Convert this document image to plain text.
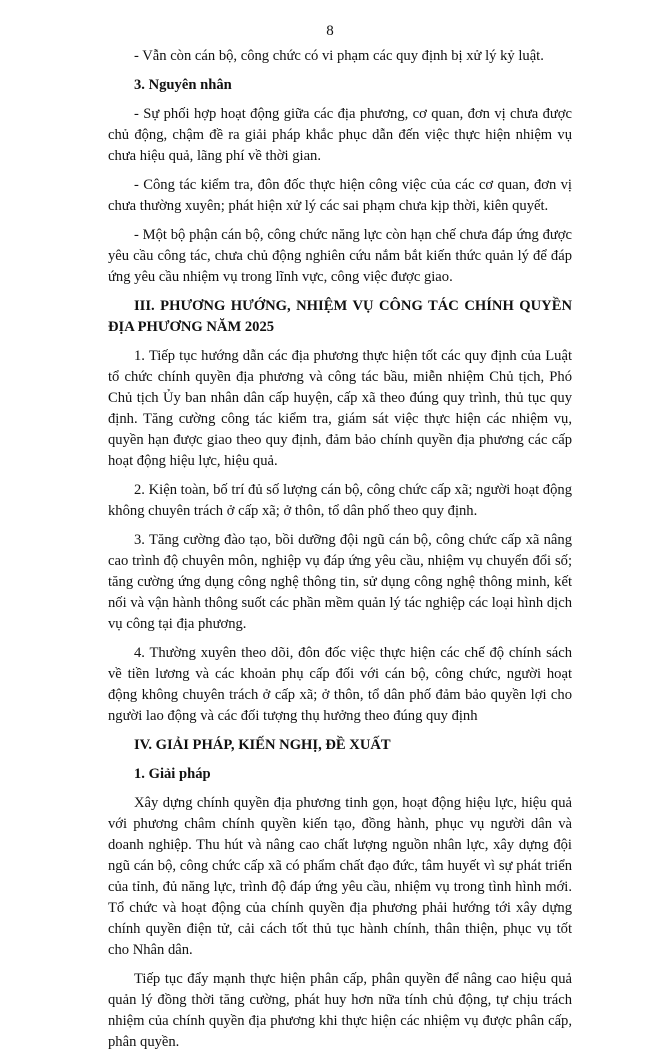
8

- Vẫn còn cán bộ, công chức có vi phạm các quy định bị xử lý kỷ luật.

3. Nguyên nhân

- Sự phối hợp hoạt động giữa các địa phương, cơ quan, đơn vị chưa được chủ động, chậm đề ra giải pháp khắc phục dẫn đến việc thực hiện nhiệm vụ chưa hiệu quả, lãng phí về thời gian.

- Công tác kiểm tra, đôn đốc thực hiện công việc của các cơ quan, đơn vị chưa thường xuyên; phát hiện xử lý các sai phạm chưa kịp thời, kiên quyết.

- Một bộ phận cán bộ, công chức năng lực còn hạn chế chưa đáp ứng được yêu cầu công tác, chưa chủ động nghiên cứu nắm bắt kiến thức quản lý để đáp ứng yêu cầu nhiệm vụ trong lĩnh vực, công việc được giao.

III. PHƯƠNG HƯỚNG, NHIỆM VỤ CÔNG TÁC CHÍNH QUYỀN ĐỊA PHƯƠNG NĂM 2025

1. Tiếp tục hướng dẫn các địa phương thực hiện tốt các quy định của Luật tổ chức chính quyền địa phương và công tác bầu, miễn nhiệm Chủ tịch, Phó Chủ tịch Ủy ban nhân dân cấp huyện, cấp xã theo đúng quy trình, thủ tục quy định. Tăng cường công tác kiểm tra, giám sát việc thực hiện các nhiệm vụ, quyền hạn được giao theo quy định, đảm bảo chính quyền địa phương các cấp hoạt động hiệu lực, hiệu quả.

2. Kiện toàn, bố trí đủ số lượng cán bộ, công chức cấp xã; người hoạt động không chuyên trách ở cấp xã; ở thôn, tổ dân phố theo quy định.

3. Tăng cường đào tạo, bồi dưỡng đội ngũ cán bộ, công chức cấp xã nâng cao trình độ chuyên môn, nghiệp vụ đáp ứng yêu cầu, nhiệm vụ chuyển đổi số; tăng cường ứng dụng công nghệ thông tin, sử dụng công nghệ thông minh, kết nối và vận hành thông suốt các phần mềm quản lý tác nghiệp các loại hình dịch vụ công tại địa phương.

4. Thường xuyên theo dõi, đôn đốc việc thực hiện các chế độ chính sách về tiền lương và các khoản phụ cấp đối với cán bộ, công chức, người hoạt động không chuyên trách ở cấp xã; ở thôn, tổ dân phố đảm bảo quyền lợi cho người lao động và các đối tượng thụ hưởng theo đúng quy định

IV. GIẢI PHÁP, KIẾN NGHỊ, ĐỀ XUẤT

1. Giải pháp

Xây dựng chính quyền địa phương tinh gọn, hoạt động hiệu lực, hiệu quả với phương châm chính quyền kiến tạo, đồng hành, phục vụ người dân và doanh nghiệp. Thu hút và nâng cao chất lượng nguồn nhân lực, xây dựng đội ngũ cán bộ, công chức cấp xã có phẩm chất đạo đức, tâm huyết vì sự phát triển của tỉnh, đủ năng lực, trình độ đáp ứng yêu cầu, nhiệm vụ trong tình hình mới. Tổ chức và hoạt động của chính quyền địa phương phải hướng tới xây dựng chính quyền điện tử, cải cách tốt thủ tục hành chính, thân thiện, phục vụ tốt cho Nhân dân.

Tiếp tục đẩy mạnh thực hiện phân cấp, phân quyền để nâng cao hiệu quả quản lý đồng thời tăng cường, phát huy hơn nữa tính chủ động, tự chịu trách nhiệm của chính quyền địa phương khi thực hiện các nhiệm vụ được phân cấp, phân quyền.
